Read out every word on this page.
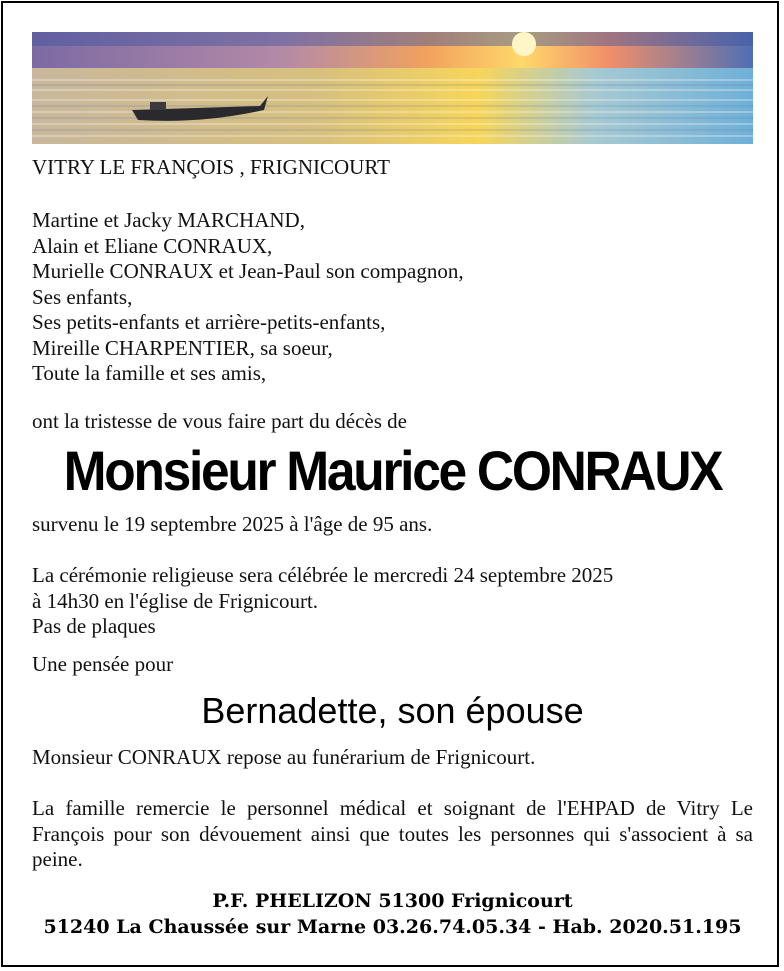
VITRY LE FRANÇOIS , FRIGNICOURT
Martine et Jacky MARCHAND,
Alain et Eliane CONRAUX,
Murielle CONRAUX et Jean-Paul son compagnon,
Ses enfants,
Ses petits-enfants et arrière-petits-enfants,
Mireille CHARPENTIER, sa soeur,
Toute la famille et ses amis,
ont la tristesse de vous faire part du décès de
Monsieur Maurice CONRAUX
survenu le 19 septembre 2025 à l'âge de 95 ans.
La cérémonie religieuse sera célébrée le mercredi 24 septembre 2025
à 14h30 en l'église de Frignicourt.
Pas de plaques
Une pensée pour
Bernadette, son épouse
Monsieur CONRAUX repose au funérarium de Frignicourt.
La famille remercie le personnel médical et soignant de l'EHPAD de Vitry Le François pour son dévouement ainsi que toutes les personnes qui s'associent à sa peine.
P.F. PHELIZON 51300 Frignicourt
51240 La Chaussée sur Marne 03.26.74.05.34 - Hab. 2020.51.195
